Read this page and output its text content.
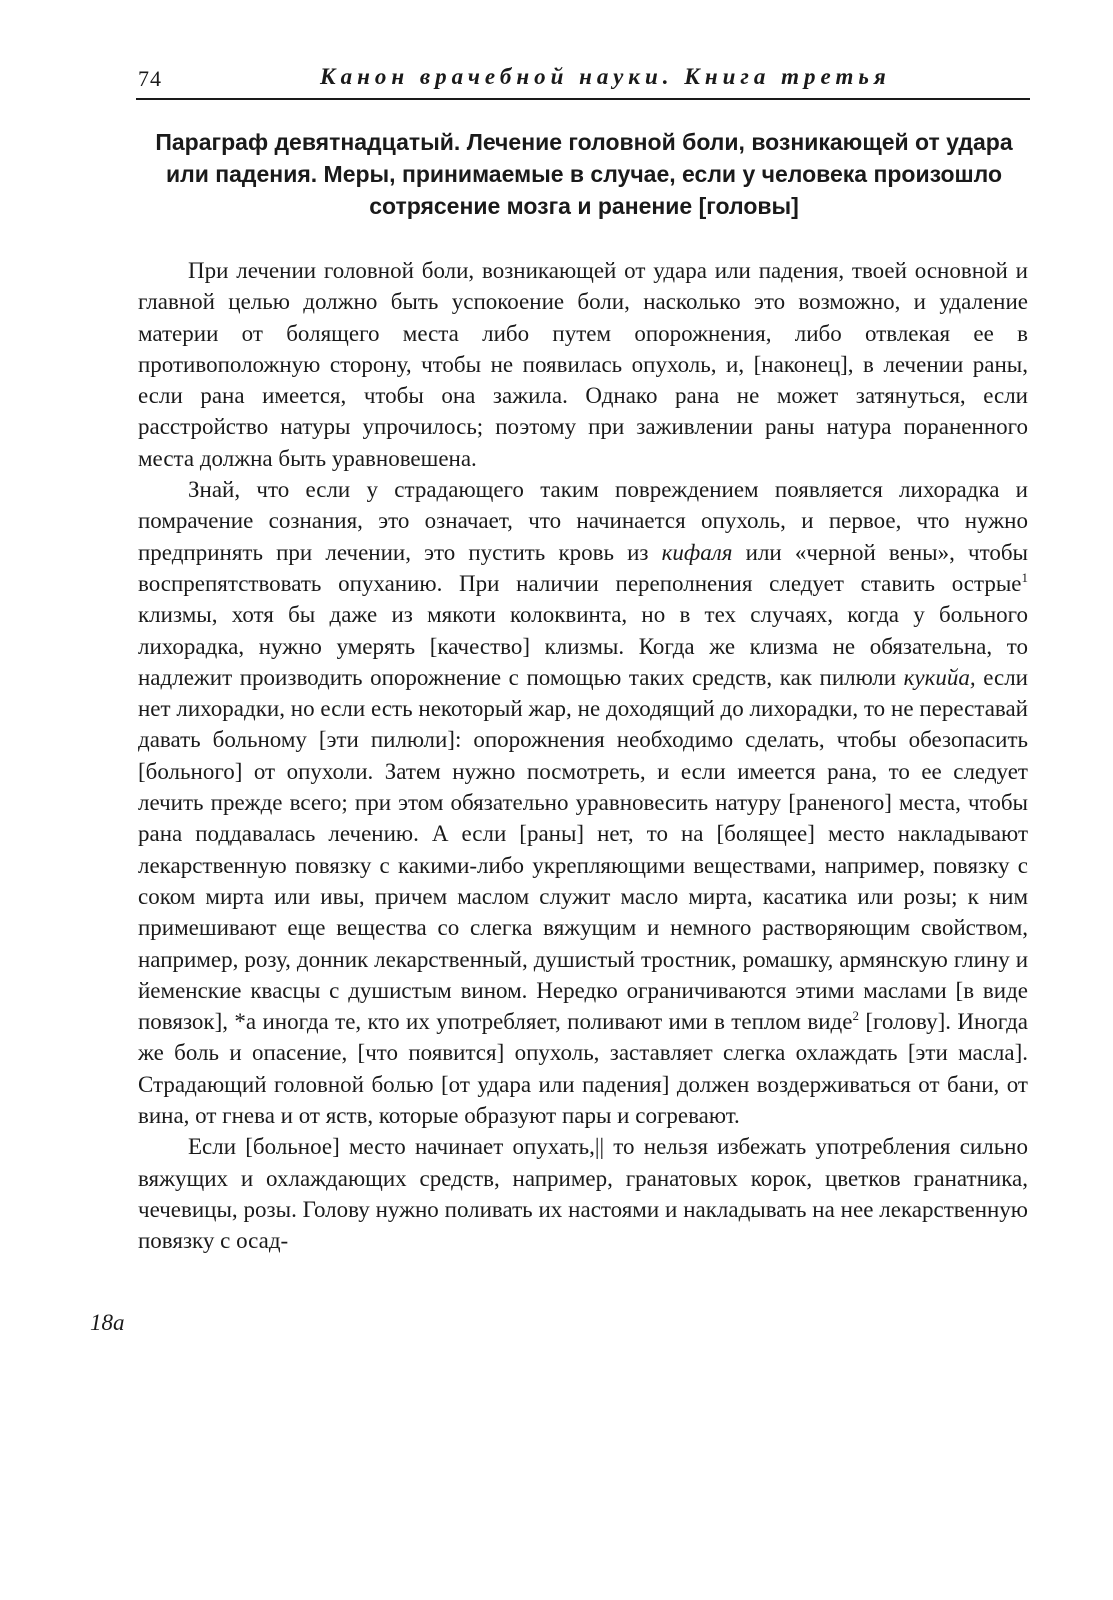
74	Канон врачебной науки. Книга третья
Параграф девятнадцатый. Лечение головной боли, возникающей от удара или падения. Меры, принимаемые в случае, если у человека произошло сотрясение мозга и ранение [головы]
18a

При лечении головной боли, возникающей от удара или падения, твоей основной и главной целью должно быть успокоение боли, насколько это возможно, и удаление материи от болящего места либо путем опорожнения, либо отвлекая ее в противоположную сторону, чтобы не появилась опухоль, и, [наконец], в лечении раны, если рана имеется, чтобы она зажила. Однако рана не может затянуться, если расстройство натуры упрочилось; поэтому при заживлении раны натура пораненного места должна быть уравновешена.

Знай, что если у страдающего таким повреждением появляется лихорадка и помрачение сознания, это означает, что начинается опухоль, и первое, что нужно предпринять при лечении, это пустить кровь из кифаля или «черной вены», чтобы воспрепятствовать опуханию. При наличии переполнения следует ставить острые$^1$ клизмы, хотя бы даже из мякоти колоквинта, но в тех случаях, когда у больного лихорадка, нужно умерять [качество] клизмы. Когда же клизма не обязательна, то надлежит производить опорожнение с помощью таких средств, как пилюли кукийа, если нет лихорадки, но если есть некоторый жар, не доходящий до лихорадки, то не переставай давать больному [эти пилюли]: опорожнения необходимо сделать, чтобы обезопасить [больного] от опухоли. Затем нужно посмотреть, и если имеется рана, то ее следует лечить прежде всего; при этом обязательно уравновесить натуру [раненого] места, чтобы рана поддавалась лечению. А если [раны] нет, то на [болящее] место накладывают лекарственную повязку с какими-либо укрепляющими веществами, например, повязку с соком мирта или ивы, причем маслом служит масло мирта, касатика или розы; к ним примешивают еще вещества со слегка вяжущим и немного растворяющим свойством, например, розу, донник лекарственный, душистый тростник, ромашку, армянскую глину и йеменские квасцы с душистым вином. Нередко ограничиваются этими маслами [в виде повязок], *а иногда те, кто их употребляет, поливают ими в теплом виде$^2$ [голову]. Иногда же боль и опасение, [что появится] опухоль, заставляет слегка охлаждать [эти масла]. Страдающий головной болью [от удара или падения] должен воздерживаться от бани, от вина, от гнева и от яств, которые образуют пары и согревают.

Если [больное] место начинает опухать,|| то нельзя избежать употребления сильно вяжущих и охлаждающих средств, например, гранатовых корок, цветков гранатника, чечевицы, розы. Голову нужно поливать их настоями и накладывать на нее лекарственную повязку с осад-
